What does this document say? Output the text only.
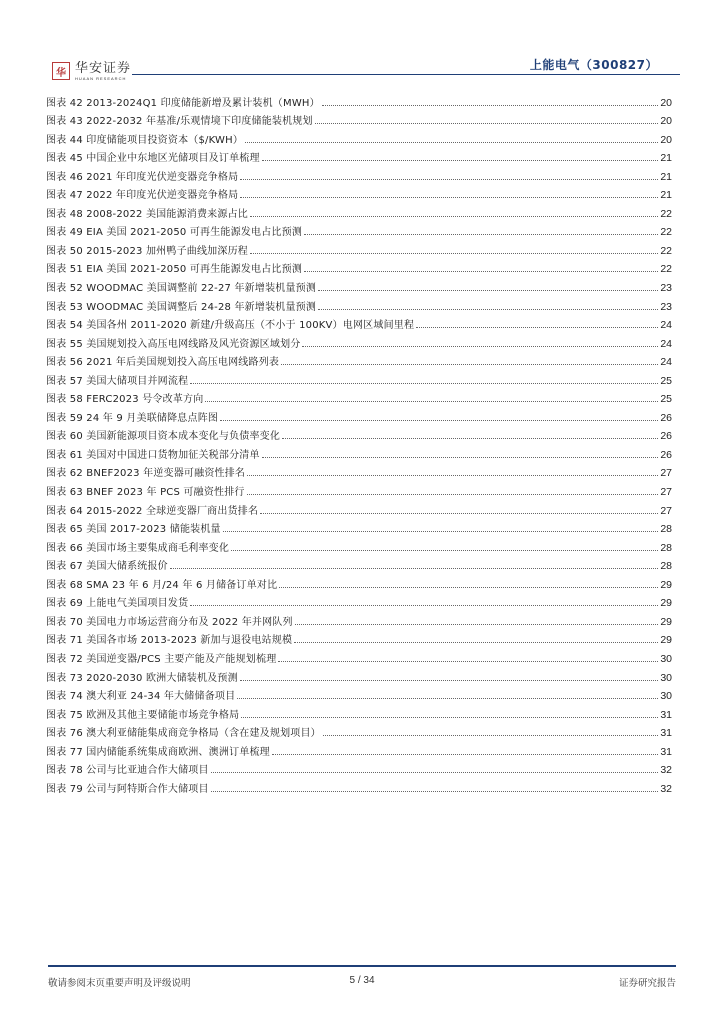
华 华安证券
HUAAN RESEARCH
上能电气（300827）
图表 42 2013-2024Q1 印度储能新增及累计装机（MWH）	20
图表 43 2022-2032 年基准/乐观情境下印度储能装机规划	20
图表 44 印度储能项目投资资本（$/KWH）	20
图表 45 中国企业中东地区光储项目及订单梳理	21
图表 46 2021 年印度光伏逆变器竞争格局	21
图表 47 2022 年印度光伏逆变器竞争格局	21
图表 48 2008-2022 美国能源消费来源占比	22
图表 49 EIA 美国 2021-2050 可再生能源发电占比预测	22
图表 50 2015-2023 加州鸭子曲线加深历程	22
图表 51 EIA 美国 2021-2050 可再生能源发电占比预测	22
图表 52 WOODMAC 美国调整前 22-27 年新增装机量预测	23
图表 53 WOODMAC 美国调整后 24-28 年新增装机量预测	23
图表 54 美国各州 2011-2020 新建/升级高压（不小于 100KV）电网区域间里程	24
图表 55 美国规划投入高压电网线路及风光资源区域划分	24
图表 56 2021 年后美国规划投入高压电网线路列表	24
图表 57 美国大储项目并网流程	25
图表 58 FERC2023 号令改革方向	25
图表 59 24 年 9 月美联储降息点阵图	26
图表 60 美国新能源项目资本成本变化与负债率变化	26
图表 61 美国对中国进口货物加征关税部分清单	26
图表 62 BNEF2023 年逆变器可融资性排名	27
图表 63 BNEF 2023 年 PCS 可融资性排行	27
图表 64 2015-2022 全球逆变器厂商出货排名	27
图表 65 美国 2017-2023 储能装机量	28
图表 66 美国市场主要集成商毛利率变化	28
图表 67 美国大储系统报价	28
图表 68 SMA 23 年 6 月/24 年 6 月储备订单对比	29
图表 69 上能电气美国项目发货	29
图表 70 美国电力市场运营商分布及 2022 年并网队列	29
图表 71 美国各市场 2013-2023 新加与退役电站规模	29
图表 72 美国逆变器/PCS 主要产能及产能规划梳理	30
图表 73 2020-2030 欧洲大储装机及预测	30
图表 74 澳大利亚 24-34 年大储储备项目	30
图表 75 欧洲及其他主要储能市场竞争格局	31
图表 76 澳大利亚储能集成商竞争格局（含在建及规划项目）	31
图表 77 国内储能系统集成商欧洲、澳洲订单梳理	31
图表 78 公司与比亚迪合作大储项目	32
图表 79 公司与阿特斯合作大储项目	32
敬请参阅末页重要声明及评级说明	5 / 34	证券研究报告
